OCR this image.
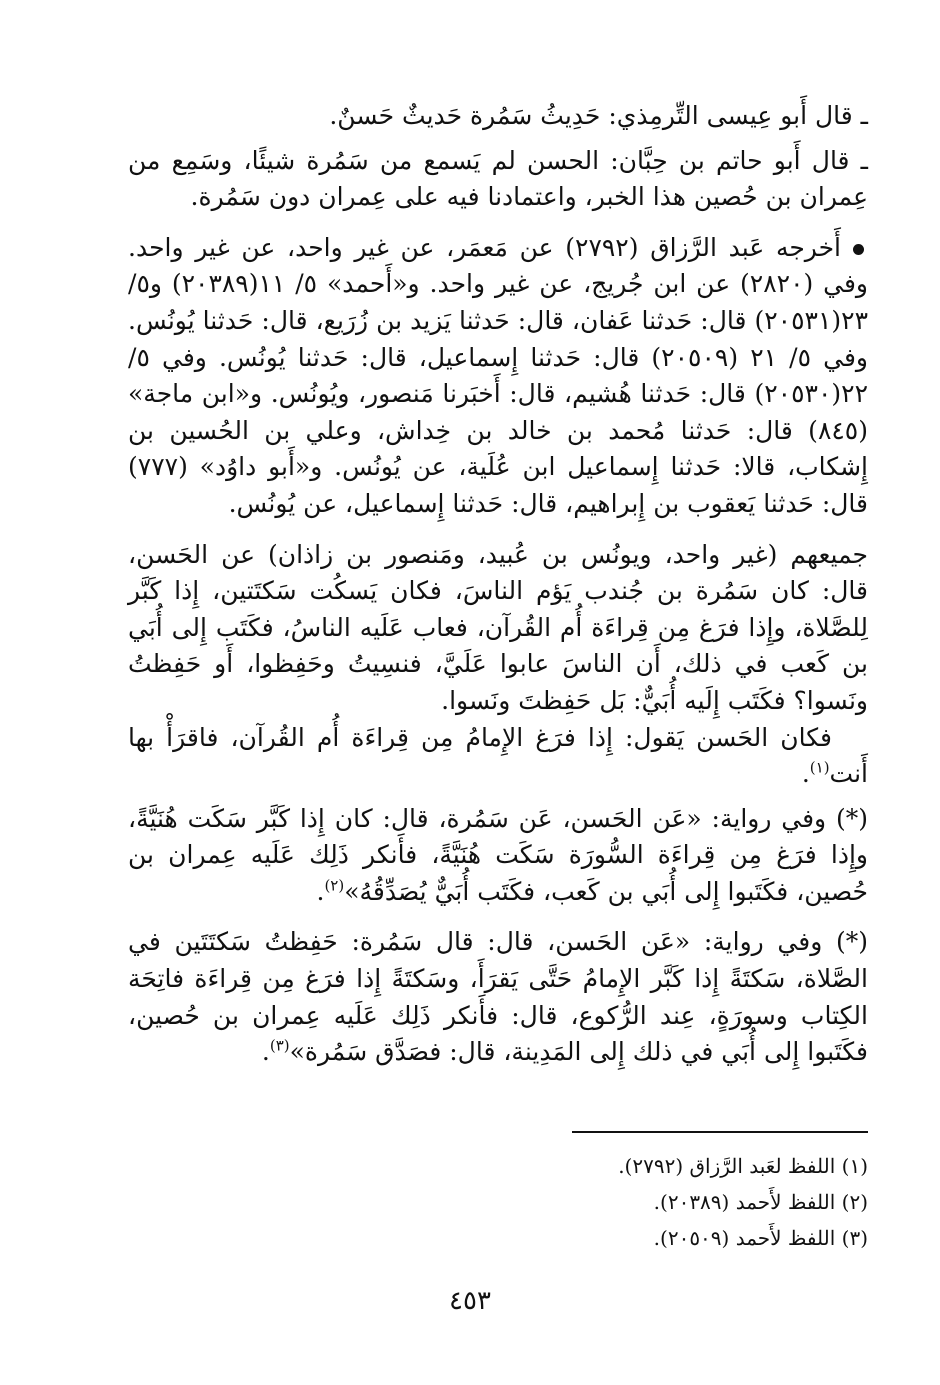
ـ قال أَبو عِيسى التِّرمِذي: حَدِيثُ سَمُرة حَديثٌ حَسنٌ.

ـ قال أَبو حاتم بن حِبَّان: الحسن لم يَسمع من سَمُرة شيئًا، وسَمِع من عِمران بن حُصين هذا الخبر، واعتمادنا فيه على عِمران دون سَمُرة.

أَخرجه عَبد الرَّزاق (٢٧٩٢) عن مَعمَر، عن غير واحد، عن غير واحد. وفي (٢٨٢٠) عن ابن جُريج، عن غير واحد. و«أَحمد» ٥/ ١١(٢٠٣٨٩) و٥/ ٢٣(٢٠٥٣١) قال: حَدثنا عَفان، قال: حَدثنا يَزيد بن زُرَيع، قال: حَدثنا يُونُس. وفي ٥/ ٢١ (٢٠٥٠٩) قال: حَدثنا إِسماعيل، قال: حَدثنا يُونُس. وفي ٥/ ٢٢(٢٠٥٣٠) قال: حَدثنا هُشيم، قال: أَخبَرنا مَنصور، ويُونُس. و«ابن ماجة» (٨٤٥) قال: حَدثنا مُحمد بن خالد بن خِداش، وعلي بن الحُسين بن إِشكاب، قالا: حَدثنا إِسماعيل ابن عُلَية، عن يُونُس. و«أَبو داوُد» (٧٧٧) قال: حَدثنا يَعقوب بن إِبراهيم، قال: حَدثنا إِسماعيل، عن يُونُس.

جميعهم (غير واحد، ويونُس بن عُبيد، ومَنصور بن زاذان) عن الحَسن، قال: كان سَمُرة بن جُندب يَؤم الناسَ، فكان يَسكُت سَكتَتين، إِذا كَبَّر لِلصَّلاة، وإِذا فرَغ مِن قِراءَة أُم القُرآن، فعاب عَلَيه الناسُ، فكَتَب إِلى أُبَي بن كَعب في ذلك، أَن الناسَ عابوا عَلَيَّ، فنسِيتُ وحَفِظوا، أَو حَفِظتُ ونَسوا؟ فكَتَب إِلَيه أُبَيٌّ: بَل حَفِظتَ ونَسوا.

فكان الحَسن يَقول: إِذا فرَغ الإِمامُ مِن قِراءَة أُم القُرآن، فاقرَأْ بها أَنت$^{(١)}$.

(*) وفي رواية: «عَن الحَسن، عَن سَمُرة، قال: كان إِذا كَبَّر سَكَت هُنَيَّةً، وإِذا فرَغ مِن قِراءَة السُّورَة سَكَت هُنَيَّةً، فأَنكر ذَلِك عَلَيه عِمران بن حُصين، فكَتَبوا إِلى أُبَي بن كَعب، فكَتَب أُبَيٌّ يُصَدِّقُهُ»$^{(٢)}$.

(*) وفي رواية: «عَن الحَسن، قال: قال سَمُرة: حَفِظتُ سَكتَتَين في الصَّلاة، سَكتَةً إِذا كَبَّر الإِمامُ حَتَّى يَقرَأَ، وسَكتَةً إِذا فرَغ مِن قِراءَة فاتِحَة الكِتاب وسورَةٍ، عِند الرُّكوع، قال: فأَنكر ذَلِك عَلَيه عِمران بن حُصين، فكَتَبوا إِلى أُبَي في ذلك إِلى المَدِينة، قال: فصَدَّق سَمُرة»$^{(٣)}$.

(١) اللفظ لعَبد الرَّزاق (٢٧٩٢).

(٢) اللفظ لأَحمد (٢٠٣٨٩).

(٣) اللفظ لأَحمد (٢٠٥٠٩).

٤٥٣
